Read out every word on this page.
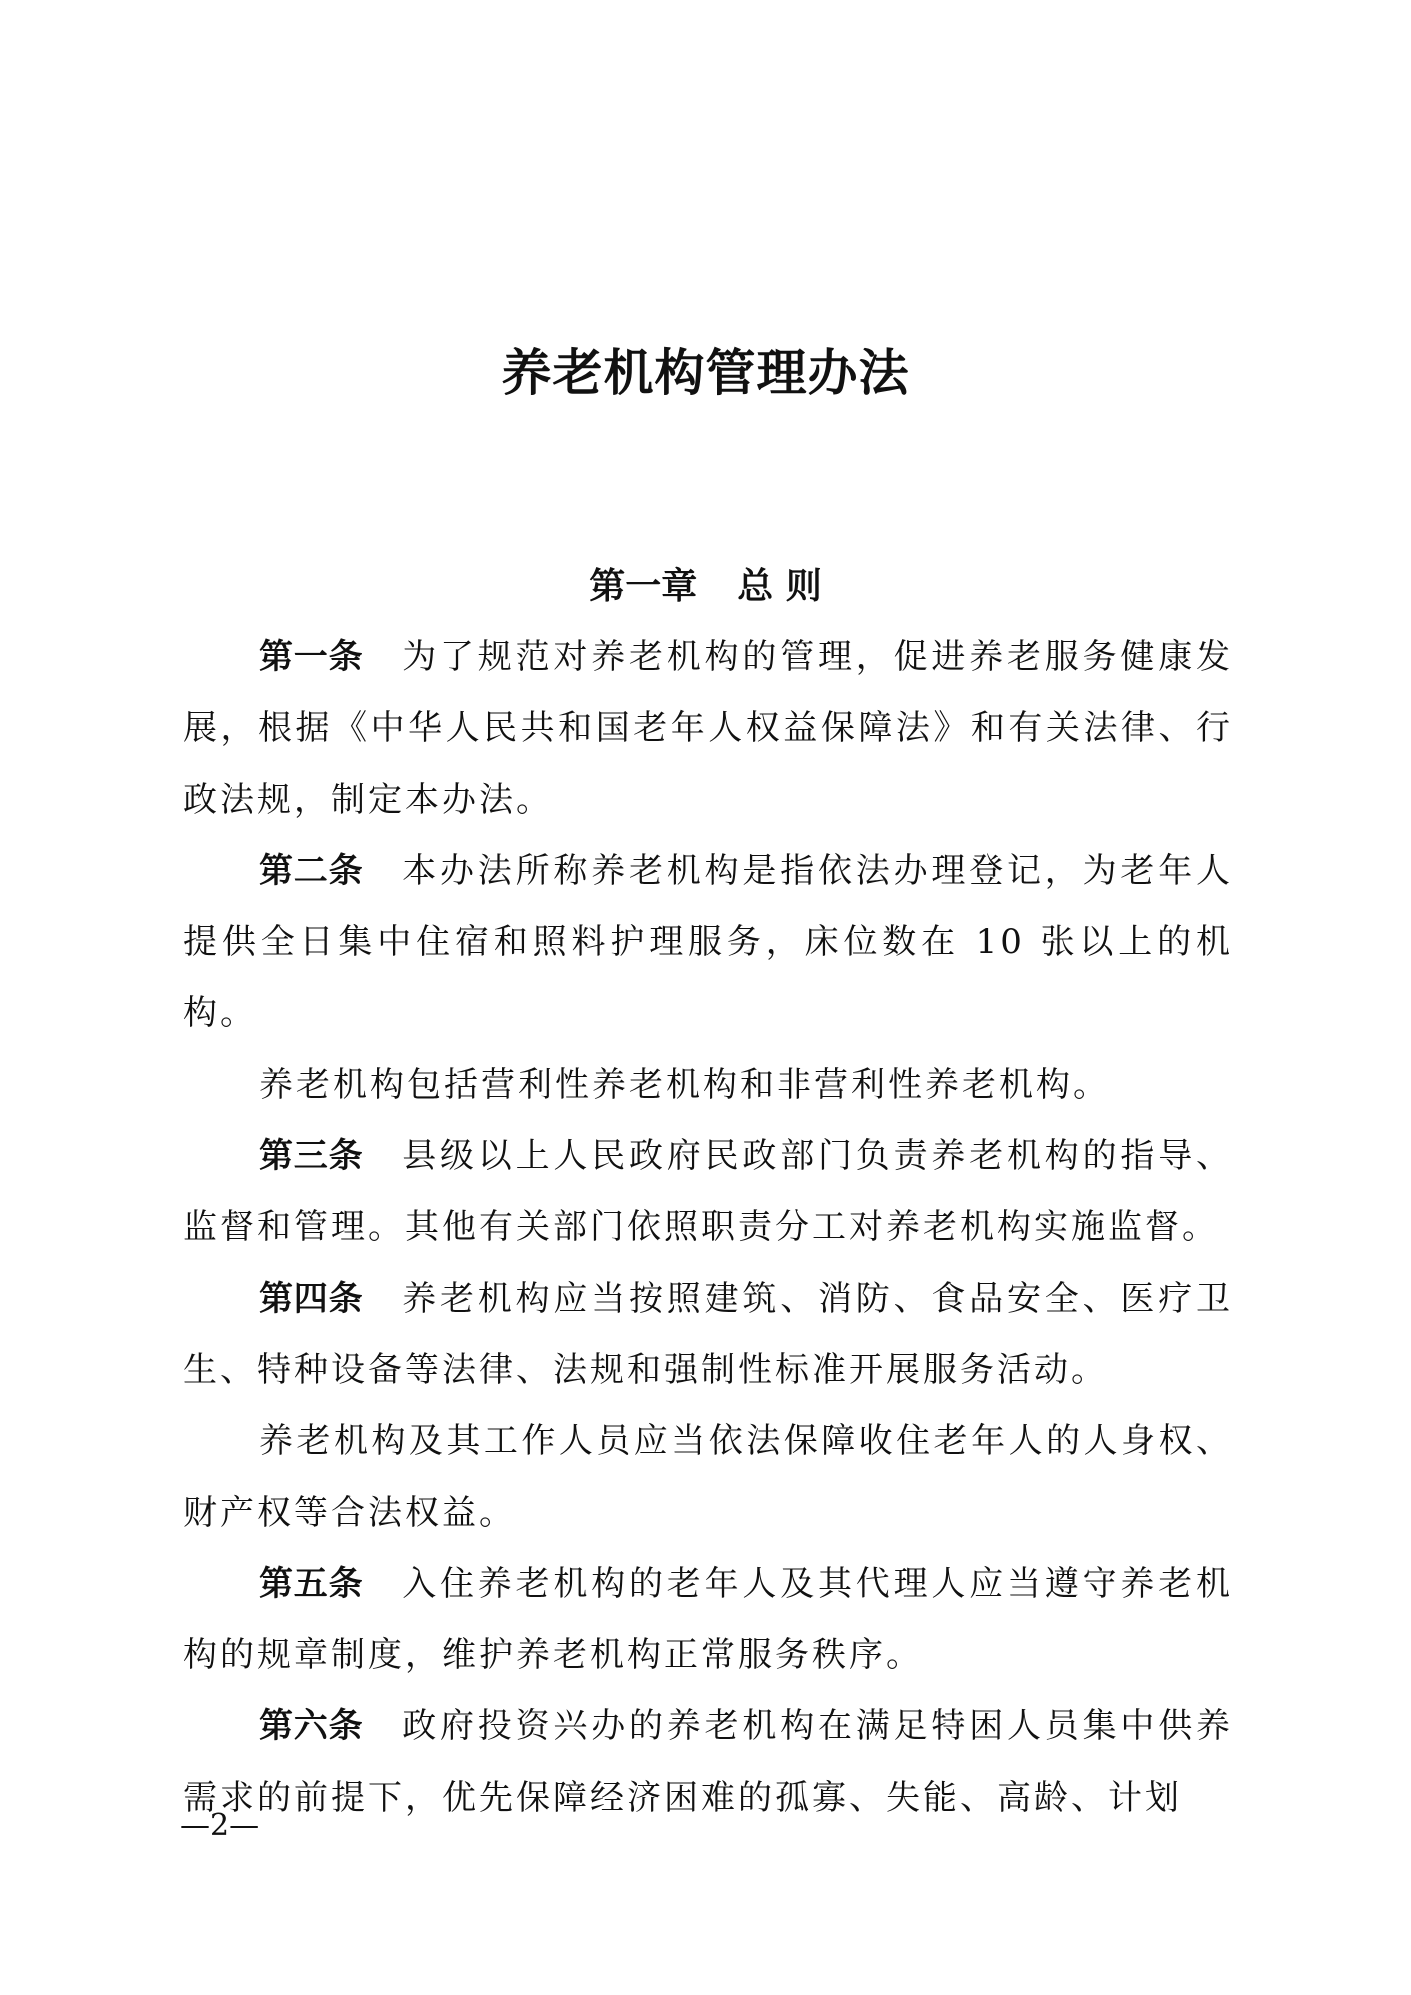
养老机构管理办法
第一章 总 则

第一条 为了规范对养老机构的管理，促进养老服务健康发展，根据《中华人民共和国老年人权益保障法》和有关法律、行政法规，制定本办法。

第二条 本办法所称养老机构是指依法办理登记，为老年人提供全日集中住宿和照料护理服务，床位数在 10 张以上的机构。

养老机构包括营利性养老机构和非营利性养老机构。

第三条 县级以上人民政府民政部门负责养老机构的指导、监督和管理。其他有关部门依照职责分工对养老机构实施监督。

第四条 养老机构应当按照建筑、消防、食品安全、医疗卫生、特种设备等法律、法规和强制性标准开展服务活动。

养老机构及其工作人员应当依法保障收住老年人的人身权、财产权等合法权益。

第五条 入住养老机构的老年人及其代理人应当遵守养老机构的规章制度，维护养老机构正常服务秩序。

第六条 政府投资兴办的养老机构在满足特困人员集中供养需求的前提下，优先保障经济困难的孤寡、失能、高龄、计划

—2—
